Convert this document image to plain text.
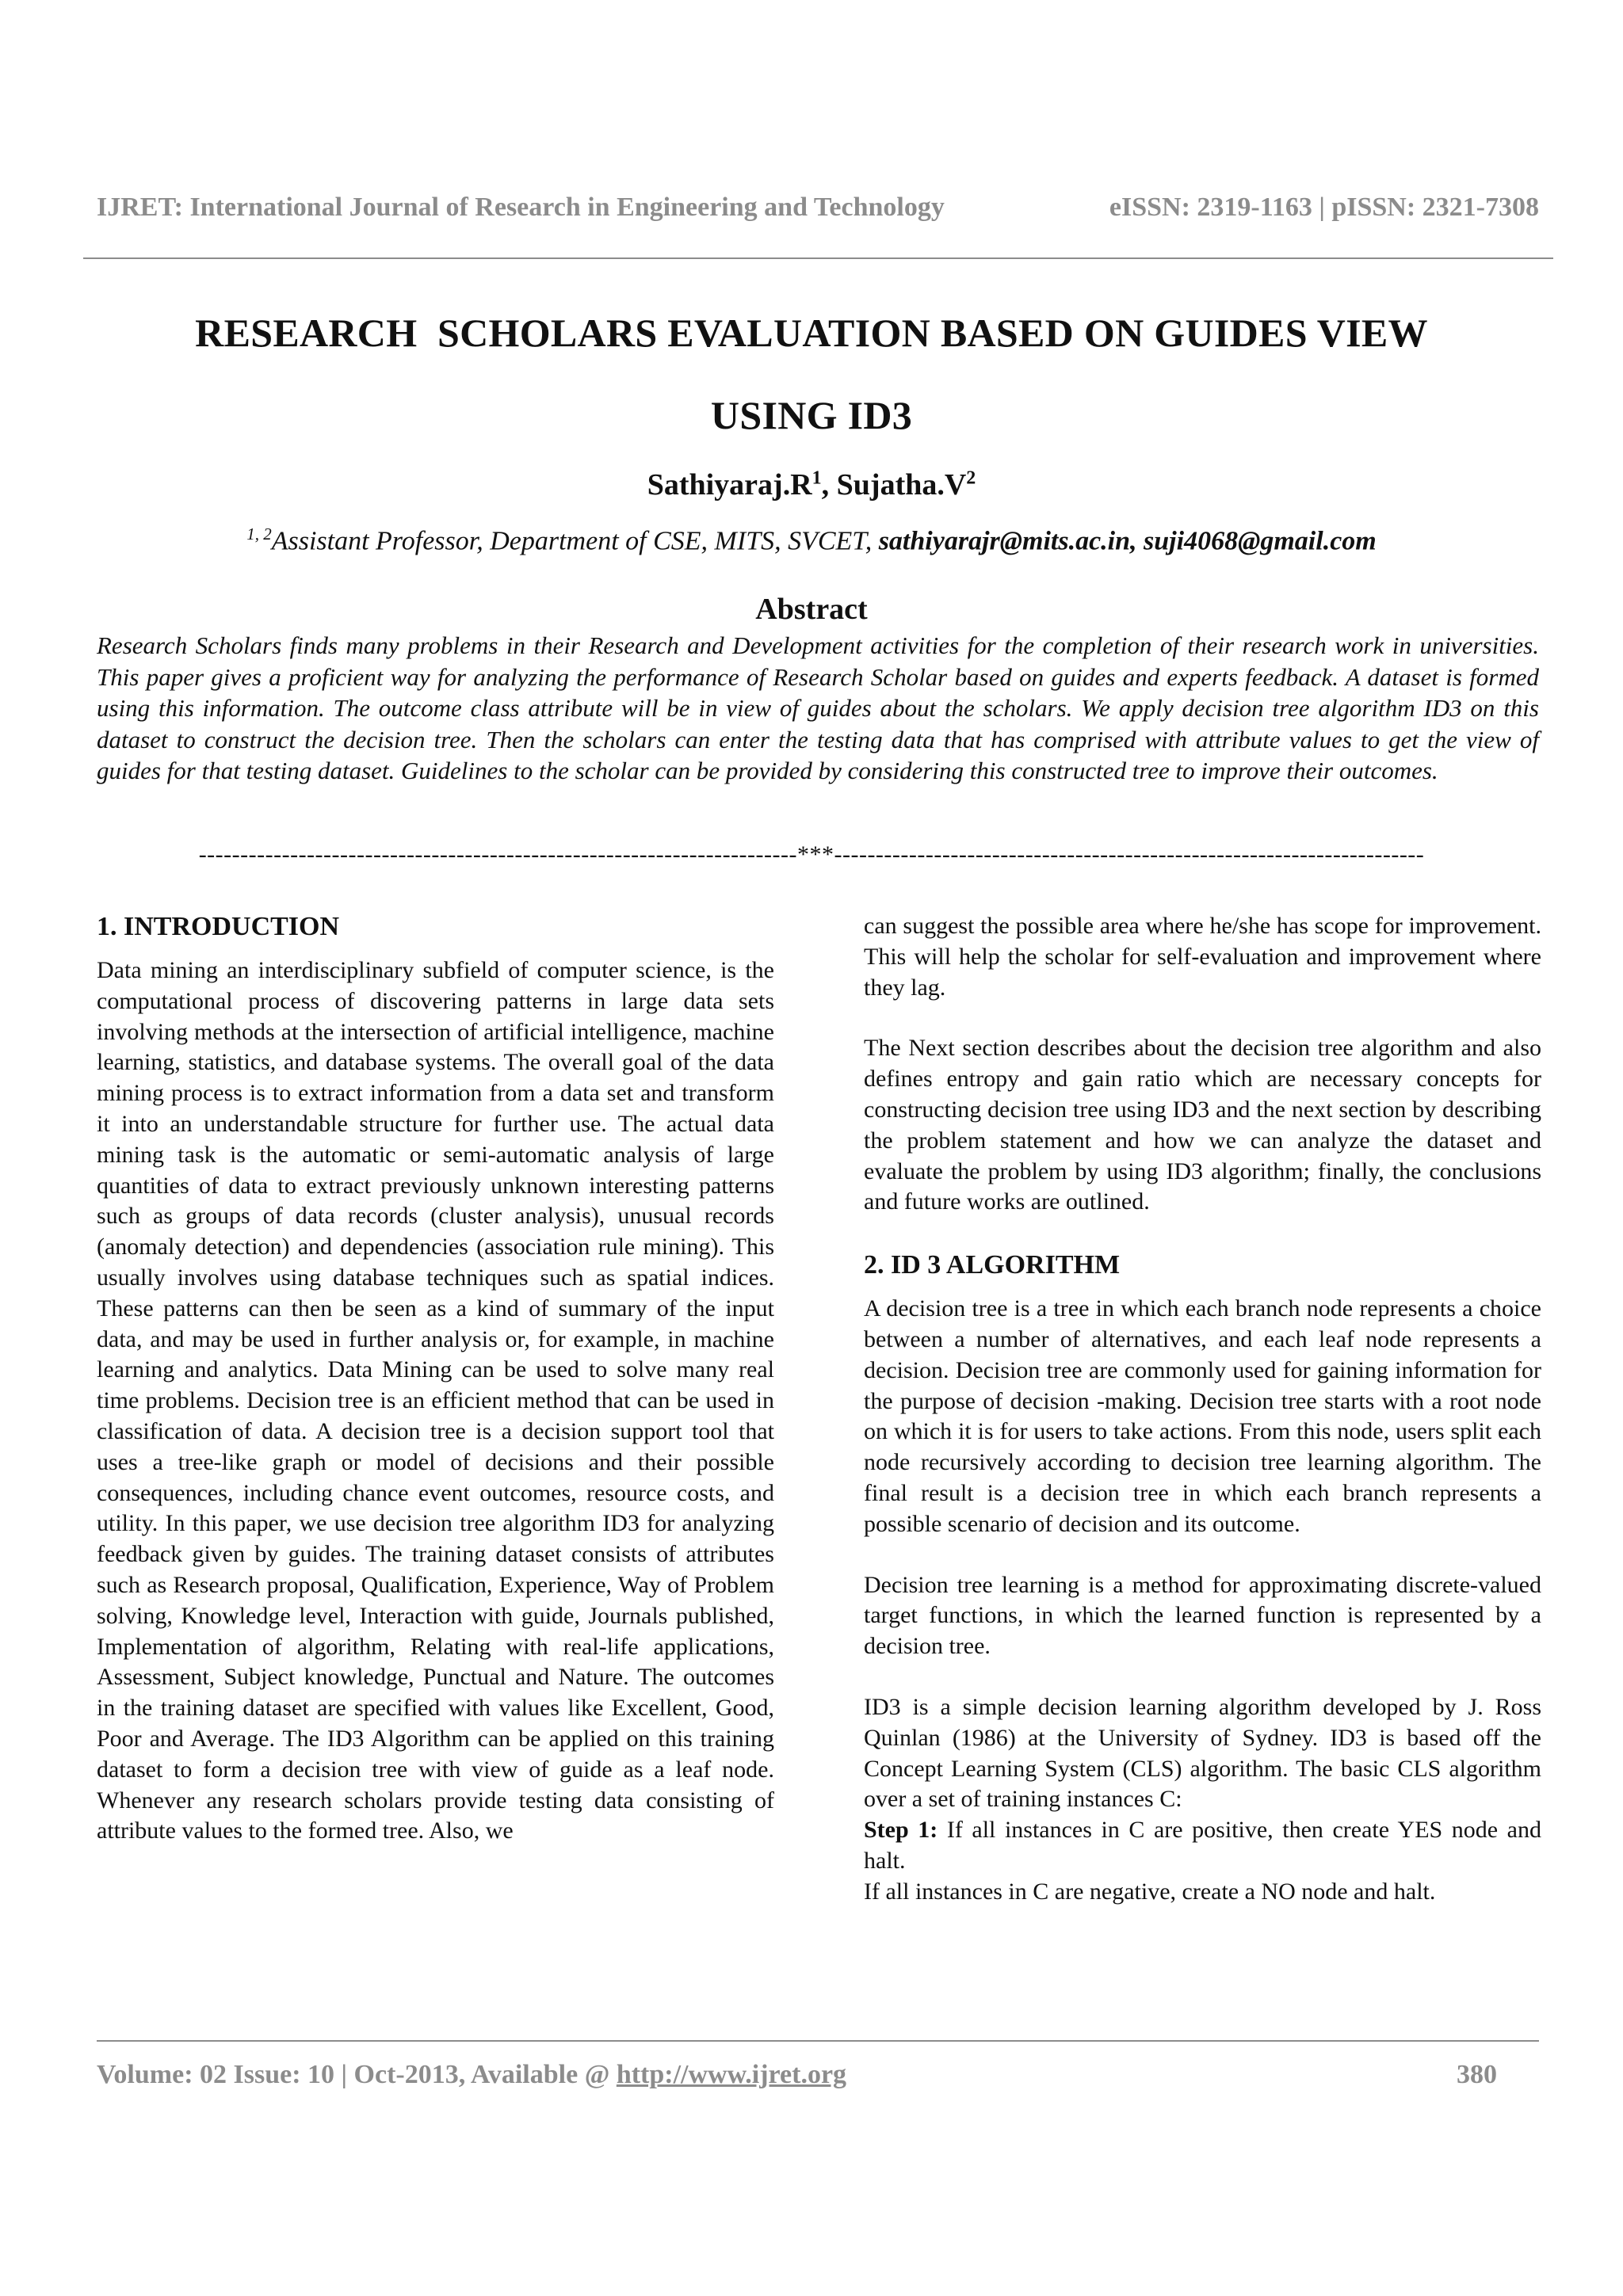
IJRET: International Journal of Research in Engineering and Technology	eISSN: 2319-1163 | pISSN: 2321-7308
RESEARCH  SCHOLARS EVALUATION BASED ON GUIDES VIEW
USING ID3
$Sathiyaraj.R^1$, $Sujatha.V^2$
$^{1, 2}$Assistant Professor, Department of CSE, MITS, SVCET, sathiyarajr@mits.ac.in, suji4068@gmail.com
Abstract
Research Scholars finds many problems in their Research and Development activities for the completion of their research work in universities. This paper gives a proficient way for analyzing the performance of Research Scholar based on guides and experts feedback. A dataset is formed using this information. The outcome class attribute will be in view of guides about the scholars. We apply decision tree algorithm ID3 on this dataset to construct the decision tree. Then the scholars can enter the testing data that has comprised with attribute values to get the view of guides for that testing dataset. Guidelines to the scholar can be provided by considering this constructed tree to improve their outcomes.
------------------------------------------------------------------------***-----------------------------------------------------------------------
1. INTRODUCTION

Data mining an interdisciplinary subfield of computer science, is the computational process of discovering patterns in large data sets involving methods at the intersection of artificial intelligence, machine learning, statistics, and database systems. The overall goal of the data mining process is to extract information from a data set and transform it into an understandable structure for further use. The actual data mining task is the automatic or semi-automatic analysis of large quantities of data to extract previously unknown interesting patterns such as groups of data records (cluster analysis), unusual records (anomaly detection) and dependencies (association rule mining). This usually involves using database techniques such as spatial indices. These patterns can then be seen as a kind of summary of the input data, and may be used in further analysis or, for example, in machine learning and analytics. Data Mining can be used to solve many real time problems. Decision tree is an efficient method that can be used in classification of data. A decision tree is a decision support tool that uses a tree-like graph or model of decisions and their possible consequences, including chance event outcomes, resource costs, and utility. In this paper, we use decision tree algorithm ID3 for analyzing feedback given by guides. The training dataset consists of attributes such as Research proposal, Qualification, Experience, Way of Problem solving, Knowledge level, Interaction with guide, Journals published, Implementation of algorithm, Relating with real-life applications, Assessment, Subject knowledge, Punctual and Nature. The outcomes in the training dataset are specified with values like Excellent, Good, Poor and Average. The ID3 Algorithm can be applied on this training dataset to form a decision tree with view of guide as a leaf node. Whenever any research scholars provide testing data consisting of attribute values to the formed tree. Also, we

can suggest the possible area where he/she has scope for improvement. This will help the scholar for self-evaluation and improvement where they lag.

The Next section describes about the decision tree algorithm and also defines entropy and gain ratio which are necessary concepts for constructing decision tree using ID3 and the next section by describing the problem statement and how we can analyze the dataset and evaluate the problem by using ID3 algorithm; finally, the conclusions and future works are outlined.

2. ID 3 ALGORITHM

A decision tree is a tree in which each branch node represents a choice between a number of alternatives, and each leaf node represents a decision. Decision tree are commonly used for gaining information for the purpose of decision -making. Decision tree starts with a root node on which it is for users to take actions. From this node, users split each node recursively according to decision tree learning algorithm. The final result is a decision tree in which each branch represents a possible scenario of decision and its outcome.

Decision tree learning is a method for approximating discrete-valued target functions, in which the learned function is represented by a decision tree.

ID3 is a simple decision learning algorithm developed by J. Ross Quinlan (1986) at the University of Sydney. ID3 is based off the Concept Learning System (CLS) algorithm. The basic CLS algorithm over a set of training instances C:

Step 1: If all instances in C are positive, then create YES node and halt.

If all instances in C are negative, create a NO node and halt.

Volume: 02 Issue: 10 | Oct-2013, Available @ http://www.ijret.org	380
